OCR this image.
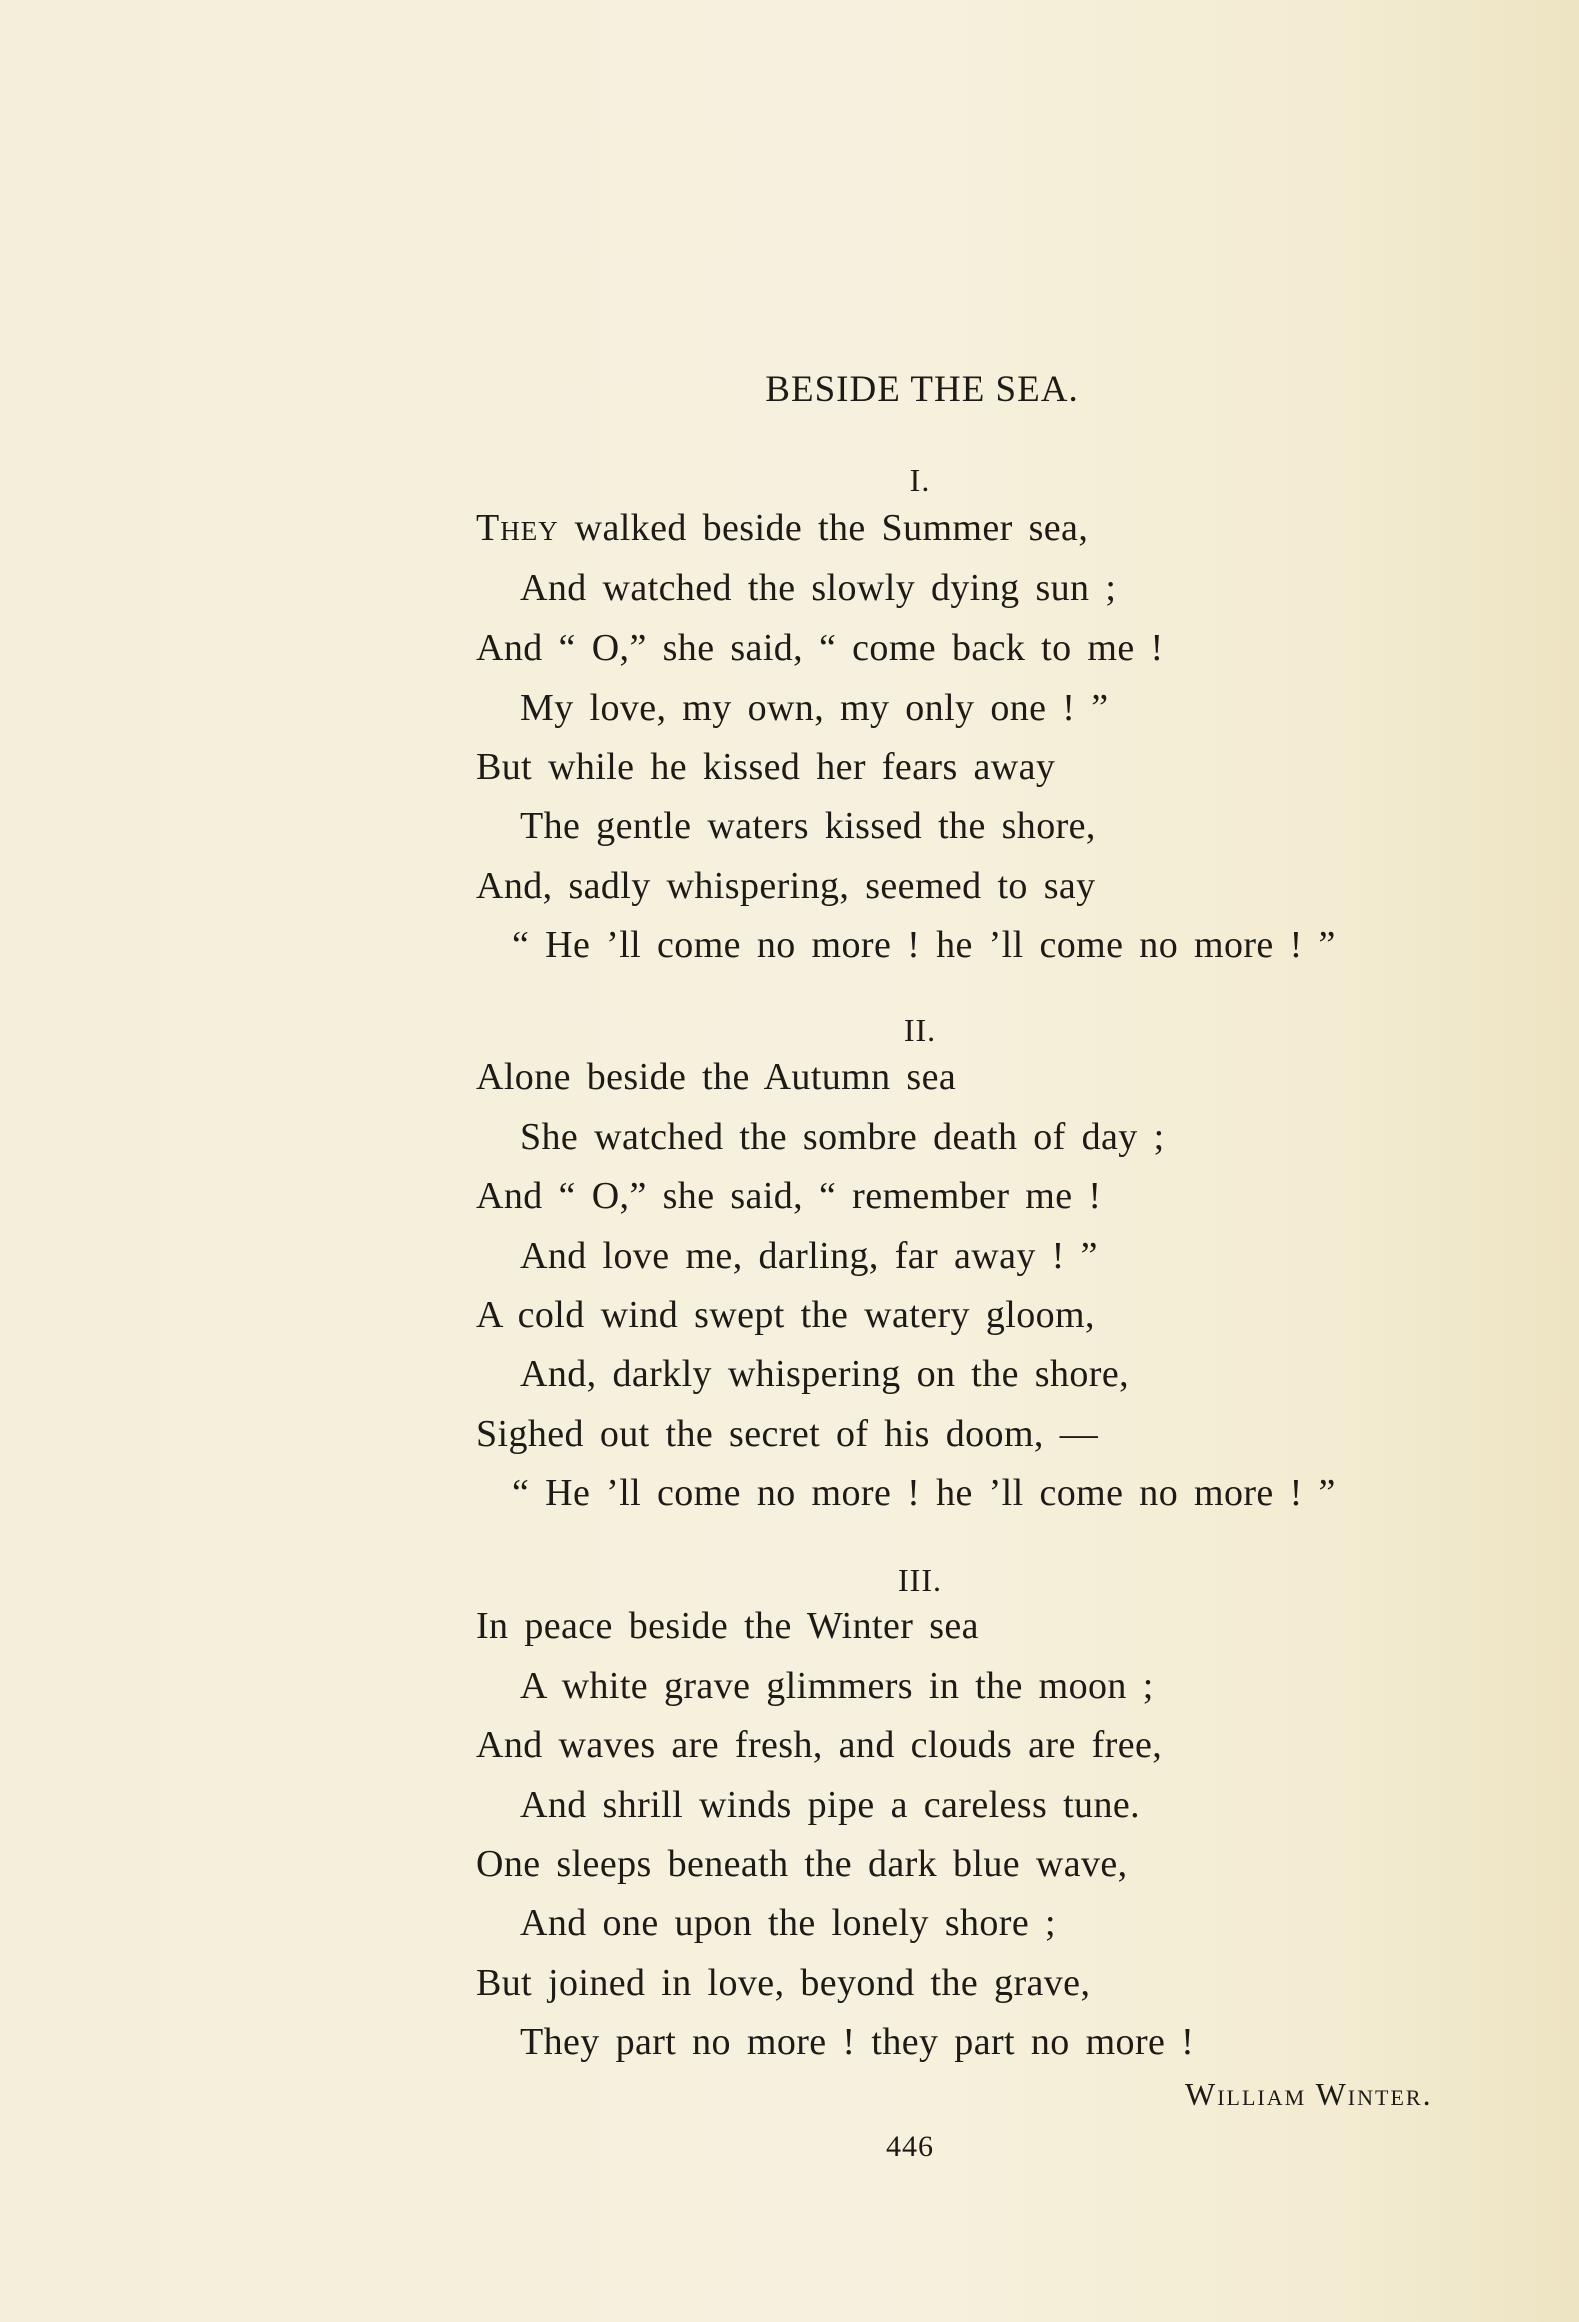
BESIDE THE SEA.
I.
They walked beside the Summer sea,
And watched the slowly dying sun ;
And “ O,” she said, “ come back to me !
My love, my own, my only one ! ”
But while he kissed her fears away
The gentle waters kissed the shore,
And, sadly whispering, seemed to say
“ He ’ll come no more ! he ’ll come no more ! ”
II.
Alone beside the Autumn sea
She watched the sombre death of day ;
And “ O,” she said, “ remember me !
And love me, darling, far away ! ”
A cold wind swept the watery gloom,
And, darkly whispering on the shore,
Sighed out the secret of his doom, —
“ He ’ll come no more ! he ’ll come no more ! ”
III.
In peace beside the Winter sea
A white grave glimmers in the moon ;
And waves are fresh, and clouds are free,
And shrill winds pipe a careless tune.
One sleeps beneath the dark blue wave,
And one upon the lonely shore ;
But joined in love, beyond the grave,
They part no more ! they part no more !
William Winter.
446
